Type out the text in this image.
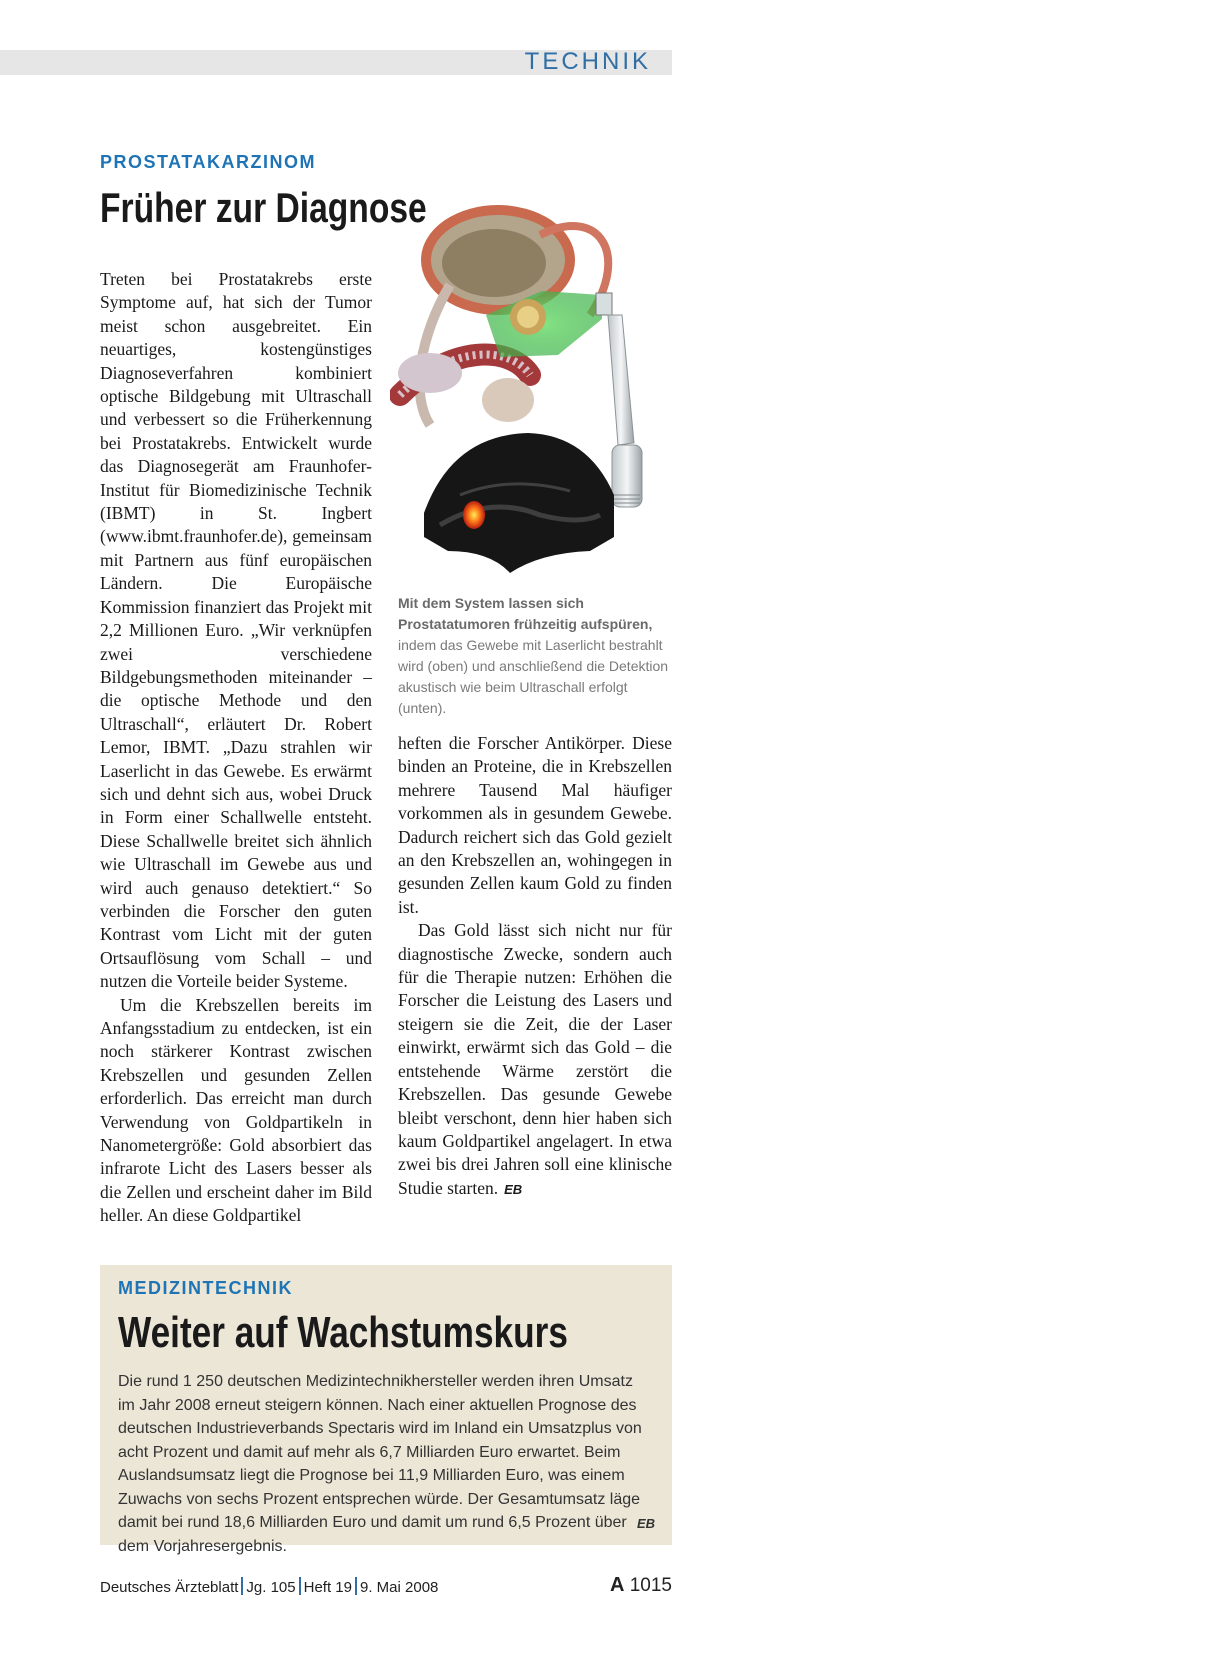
TECHNIK
PROSTATAKARZINOM
Früher zur Diagnose

Treten bei Prostatakrebs erste Symptome auf, hat sich der Tumor meist schon ausgebreitet. Ein neuartiges, kostengünstiges Diagnoseverfahren kombiniert optische Bildgebung mit Ultraschall und verbessert so die Früherkennung bei Prostatakrebs. Entwickelt wurde das Diagnosegerät am Fraunhofer-Institut für Biomedizinische Technik (IBMT) in St. Ingbert (www.ibmt.fraunhofer.de), gemeinsam mit Partnern aus fünf europäischen Ländern. Die Europäische Kommission finanziert das Projekt mit 2,2 Millionen Euro. „Wir verknüpfen zwei verschiedene Bildgebungsmethoden miteinander – die optische Methode und den Ultraschall“, erläutert Dr. Robert Lemor, IBMT. „Dazu strahlen wir Laserlicht in das Gewebe. Es erwärmt sich und dehnt sich aus, wobei Druck in Form einer Schallwelle entsteht. Diese Schallwelle breitet sich ähnlich wie Ultraschall im Gewebe aus und wird auch genauso detektiert.“ So verbinden die Forscher den guten Kontrast vom Licht mit der guten Ortsauflösung vom Schall – und nutzen die Vorteile beider Systeme.

Um die Krebszellen bereits im Anfangsstadium zu entdecken, ist ein noch stärkerer Kontrast zwischen Krebszellen und gesunden Zellen erforderlich. Das erreicht man durch Verwendung von Goldpartikeln in Nanometergröße: Gold absorbiert das infrarote Licht des Lasers besser als die Zellen und erscheint daher im Bild heller. An diese Goldpartikel

Mit dem System lassen sich Prostatatumoren frühzeitig aufspüren, indem das Gewebe mit Laserlicht bestrahlt wird (oben) und anschließend die Detektion akustisch wie beim Ultraschall erfolgt (unten).

heften die Forscher Antikörper. Diese binden an Proteine, die in Krebszellen mehrere Tausend Mal häufiger vorkommen als in gesundem Gewebe. Dadurch reichert sich das Gold gezielt an den Krebszellen an, wohingegen in gesunden Zellen kaum Gold zu finden ist.

Das Gold lässt sich nicht nur für diagnostische Zwecke, sondern auch für die Therapie nutzen: Erhöhen die Forscher die Leistung des Lasers und steigern sie die Zeit, die der Laser einwirkt, erwärmt sich das Gold – die entstehende Wärme zerstört die Krebszellen. Das gesunde Gewebe bleibt verschont, denn hier haben sich kaum Goldpartikel angelagert. In etwa zwei bis drei Jahren soll eine klinische Studie starten. EB

EB
MEDIZINTECHNIK
Weiter auf Wachstumskurs
Die rund 1 250 deutschen Medizintechnikhersteller werden ihren Umsatz im Jahr 2008 erneut steigern können. Nach einer aktuellen Prognose des deutschen Industrieverbands Spectaris wird im Inland ein Umsatzplus von acht Prozent und damit auf mehr als 6,7 Milliarden Euro erwartet. Beim Auslandsumsatz liegt die Prognose bei 11,9 Milliarden Euro, was einem Zuwachs von sechs Prozent entsprechen würde. Der Gesamtumsatz läge damit bei rund 18,6 Milliarden Euro und damit um rund 6,5 Prozent über dem Vorjahresergebnis.
Deutsches Ärzteblatt Jg. 105 Heft 19 9. Mai 2008	A 1015
